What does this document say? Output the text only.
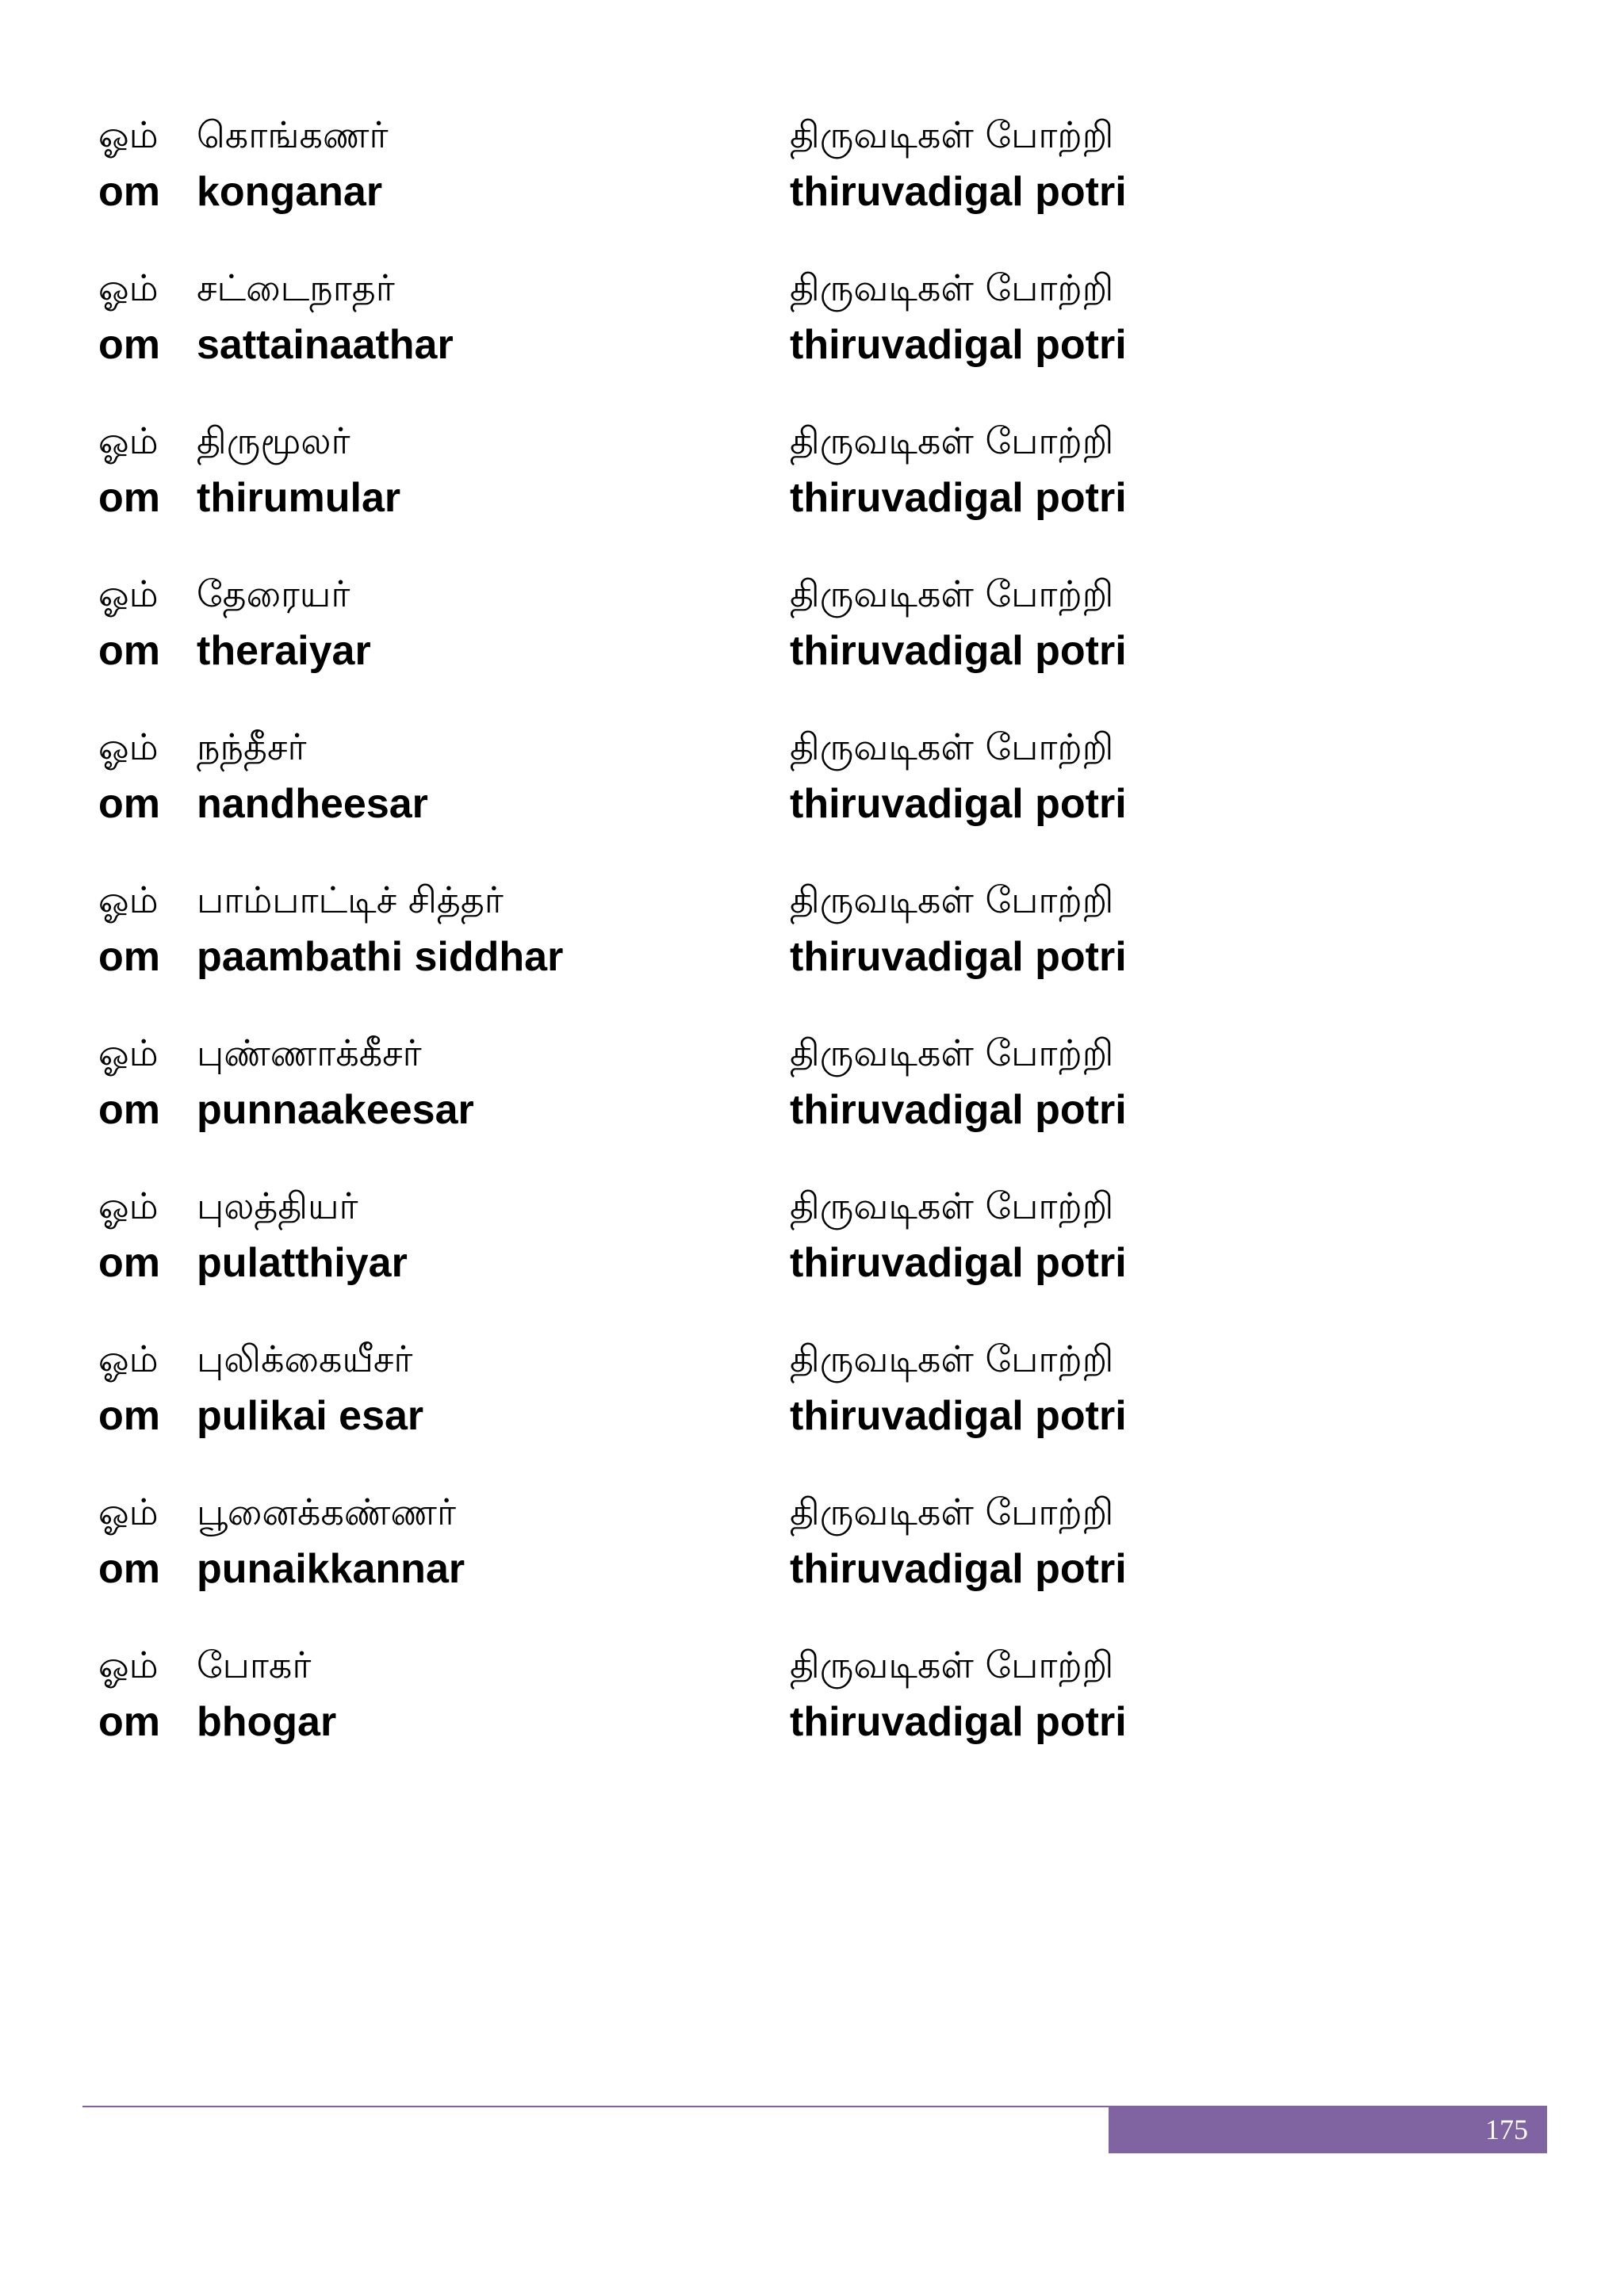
ஓம் கொங்கணர்	திருவடிகள் போற்றி
om konganar	thiruvadigal potri
ஓம் சட்டைநாதர்	திருவடிகள் போற்றி
om sattainaathar	thiruvadigal potri
ஓம் திருமூலர்	திருவடிகள் போற்றி
om thirumular	thiruvadigal potri
ஓம் தேரையர்	திருவடிகள் போற்றி
om theraiyar	thiruvadigal potri
ஓம் நந்தீசர்	திருவடிகள் போற்றி
om nandheesar	thiruvadigal potri
ஓம் பாம்பாட்டிச் சித்தர்	திருவடிகள் போற்றி
om paambathi siddhar	thiruvadigal potri
ஓம் புண்ணாக்கீசர்	திருவடிகள் போற்றி
om punnaakeesar	thiruvadigal potri
ஓம் புலத்தியர்	திருவடிகள் போற்றி
om pulatthiyar	thiruvadigal potri
ஓம் புலிக்கையீசர்	திருவடிகள் போற்றி
om pulikai esar	thiruvadigal potri
ஓம் பூனைக்கண்ணர்	திருவடிகள் போற்றி
om punaikkannar	thiruvadigal potri
ஓம் போகர்	திருவடிகள் போற்றி
om bhogar	thiruvadigal potri
175
